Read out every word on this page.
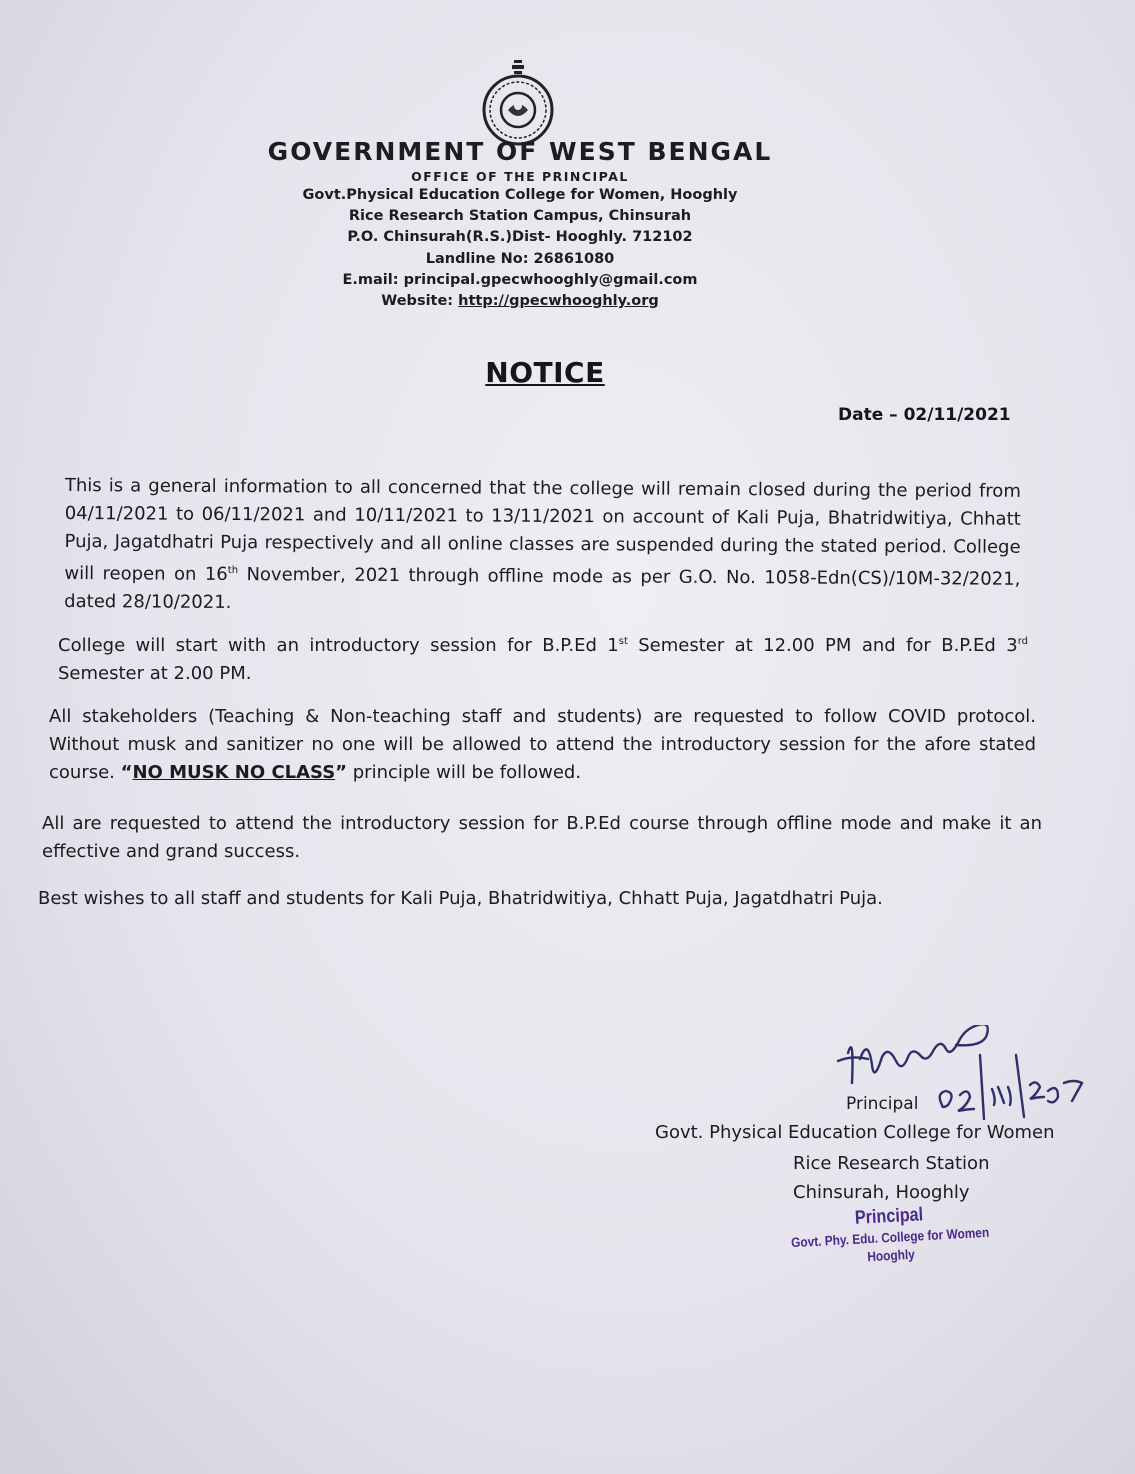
GOVERNMENT OF WEST BENGAL
OFFICE OF THE PRINCIPAL
Govt.Physical Education College for Women, Hooghly
Rice Research Station Campus, Chinsurah
P.O. Chinsurah(R.S.)Dist- Hooghly. 712102
Landline No: 26861080
E.mail: principal.gpecwhooghly@gmail.com
Website: http://gpecwhooghly.org
NOTICE
Date – 02/11/2021
This is a general information to all concerned that the college will remain closed during the period from 04/11/2021 to 06/11/2021 and 10/11/2021 to 13/11/2021 on account of Kali Puja, Bhatridwitiya, Chhatt Puja, Jagatdhatri Puja respectively and all online classes are suspended during the stated period. College will reopen on 16th November, 2021 through offline mode as per G.O. No. 1058-Edn(CS)/10M-32/2021, dated 28/10/2021.
College will start with an introductory session for B.P.Ed 1st Semester at 12.00 PM and for B.P.Ed 3rd Semester at 2.00 PM.
All stakeholders (Teaching & Non-teaching staff and students) are requested to follow COVID protocol. Without musk and sanitizer no one will be allowed to attend the introductory session for the afore stated course. “NO MUSK NO CLASS” principle will be followed.
All are requested to attend the introductory session for B.P.Ed course through offline mode and make it an effective and grand success.
Best wishes to all staff and students for Kali Puja, Bhatridwitiya, Chhatt Puja, Jagatdhatri Puja.
Principal
Govt. Physical Education College for Women
Rice Research Station
Chinsurah, Hooghly
Principal
Govt. Phy. Edu. College for Women
Hooghly
